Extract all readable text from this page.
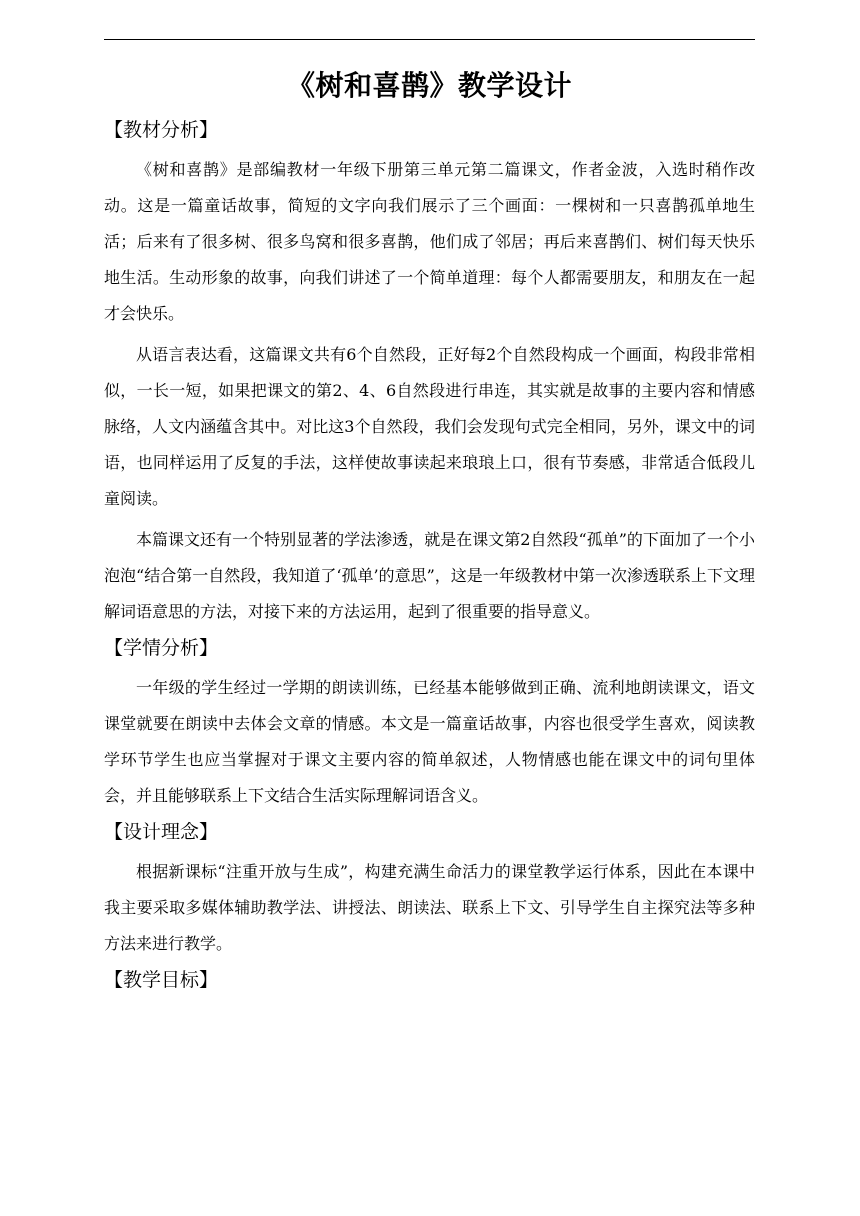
《树和喜鹊》教学设计
【教材分析】

《树和喜鹊》是部编教材一年级下册第三单元第二篇课文，作者金波，入选时稍作改动。这是一篇童话故事，简短的文字向我们展示了三个画面：一棵树和一只喜鹊孤单地生活；后来有了很多树、很多鸟窝和很多喜鹊，他们成了邻居；再后来喜鹊们、树们每天快乐地生活。生动形象的故事，向我们讲述了一个简单道理：每个人都需要朋友，和朋友在一起才会快乐。

从语言表达看，这篇课文共有6个自然段，正好每2个自然段构成一个画面，构段非常相似，一长一短，如果把课文的第2、4、6自然段进行串连，其实就是故事的主要内容和情感脉络，人文内涵蕴含其中。对比这3个自然段，我们会发现句式完全相同，另外，课文中的词语，也同样运用了反复的手法，这样使故事读起来琅琅上口，很有节奏感，非常适合低段儿童阅读。

本篇课文还有一个特别显著的学法渗透，就是在课文第2自然段“孤单”的下面加了一个小泡泡“结合第一自然段，我知道了‘孤单’的意思”，这是一年级教材中第一次渗透联系上下文理解词语意思的方法，对接下来的方法运用，起到了很重要的指导意义。

【学情分析】

一年级的学生经过一学期的朗读训练，已经基本能够做到正确、流利地朗读课文，语文课堂就要在朗读中去体会文章的情感。本文是一篇童话故事，内容也很受学生喜欢，阅读教学环节学生也应当掌握对于课文主要内容的简单叙述，人物情感也能在课文中的词句里体会，并且能够联系上下文结合生活实际理解词语含义。

【设计理念】

根据新课标“注重开放与生成”，构建充满生命活力的课堂教学运行体系，因此在本课中我主要采取多媒体辅助教学法、讲授法、朗读法、联系上下文、引导学生自主探究法等多种方法来进行教学。

【教学目标】
